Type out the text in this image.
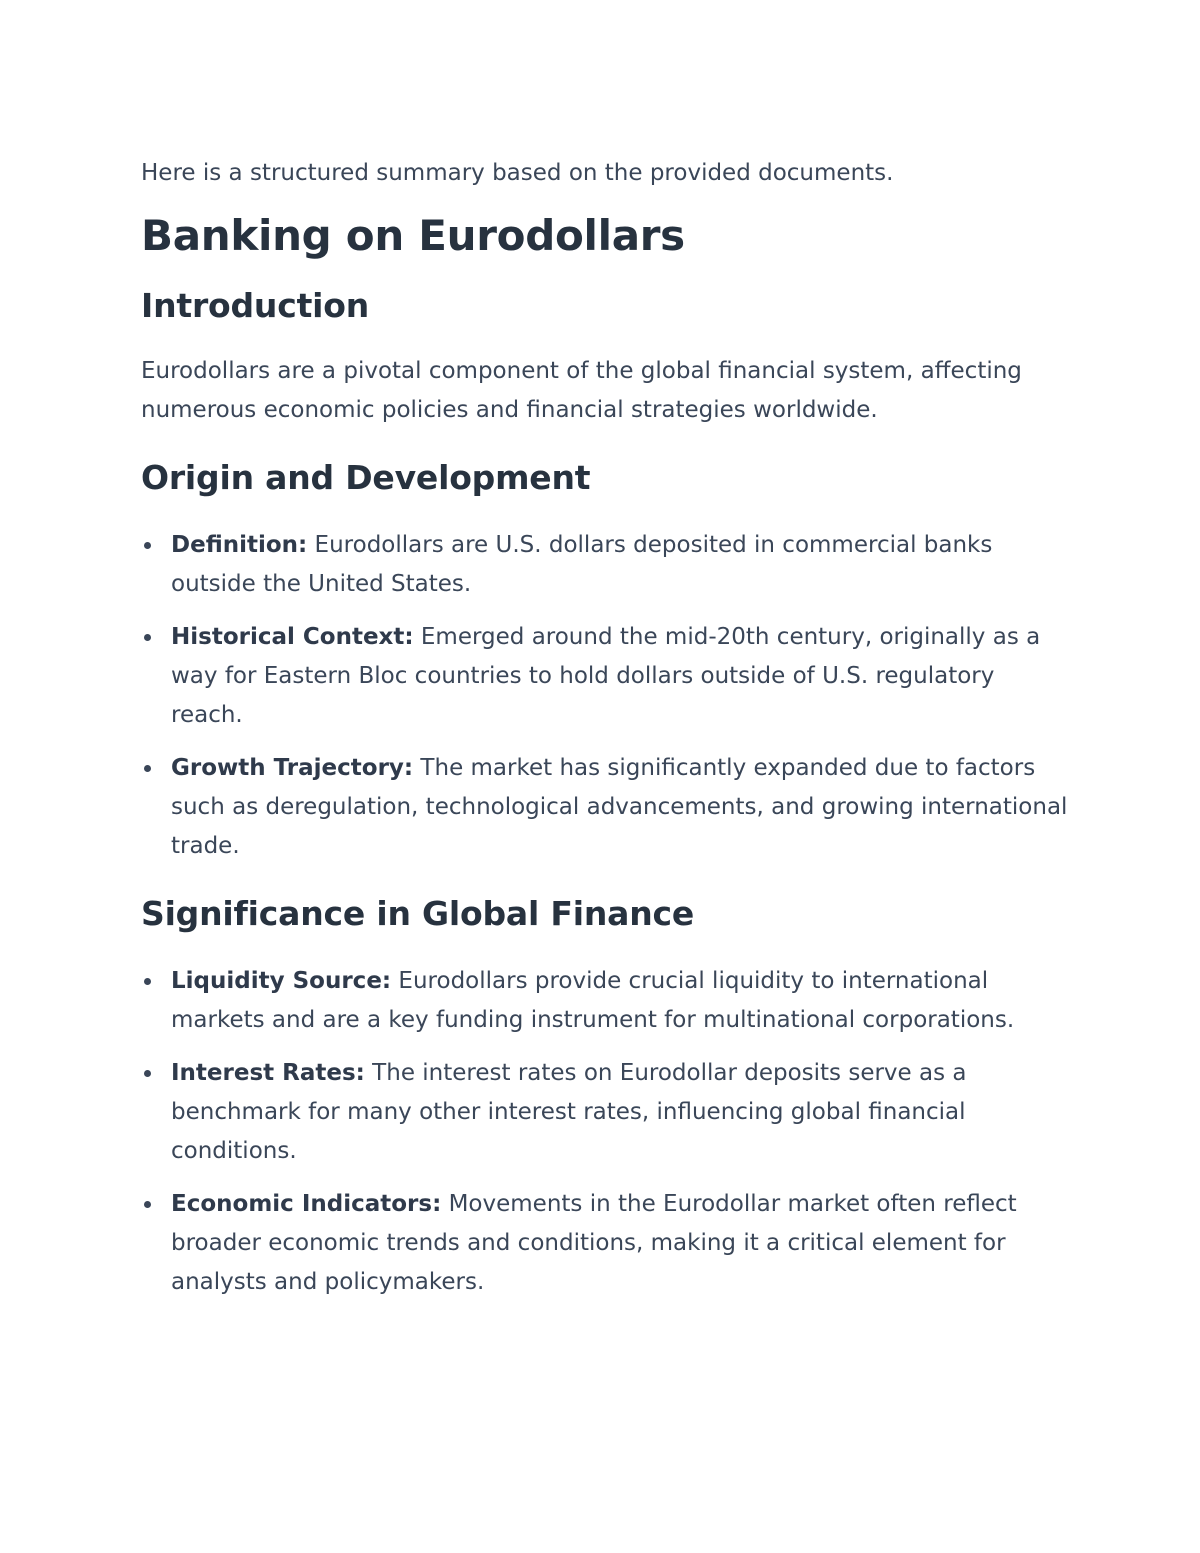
Here is a structured summary based on the provided documents.

Banking on Eurodollars
Introduction

Eurodollars are a pivotal component of the global financial system, affecting numerous economic policies and financial strategies worldwide.

Origin and Development
Definition: Eurodollars are U.S. dollars deposited in commercial banks outside the United States.
Historical Context: Emerged around the mid-20th century, originally as a way for Eastern Bloc countries to hold dollars outside of U.S. regulatory reach.
Growth Trajectory: The market has significantly expanded due to factors such as deregulation, technological advancements, and growing international trade.
Significance in Global Finance
Liquidity Source: Eurodollars provide crucial liquidity to international markets and are a key funding instrument for multinational corporations.
Interest Rates: The interest rates on Eurodollar deposits serve as a benchmark for many other interest rates, influencing global financial conditions.
Economic Indicators: Movements in the Eurodollar market often reflect broader economic trends and conditions, making it a critical element for analysts and policymakers.
